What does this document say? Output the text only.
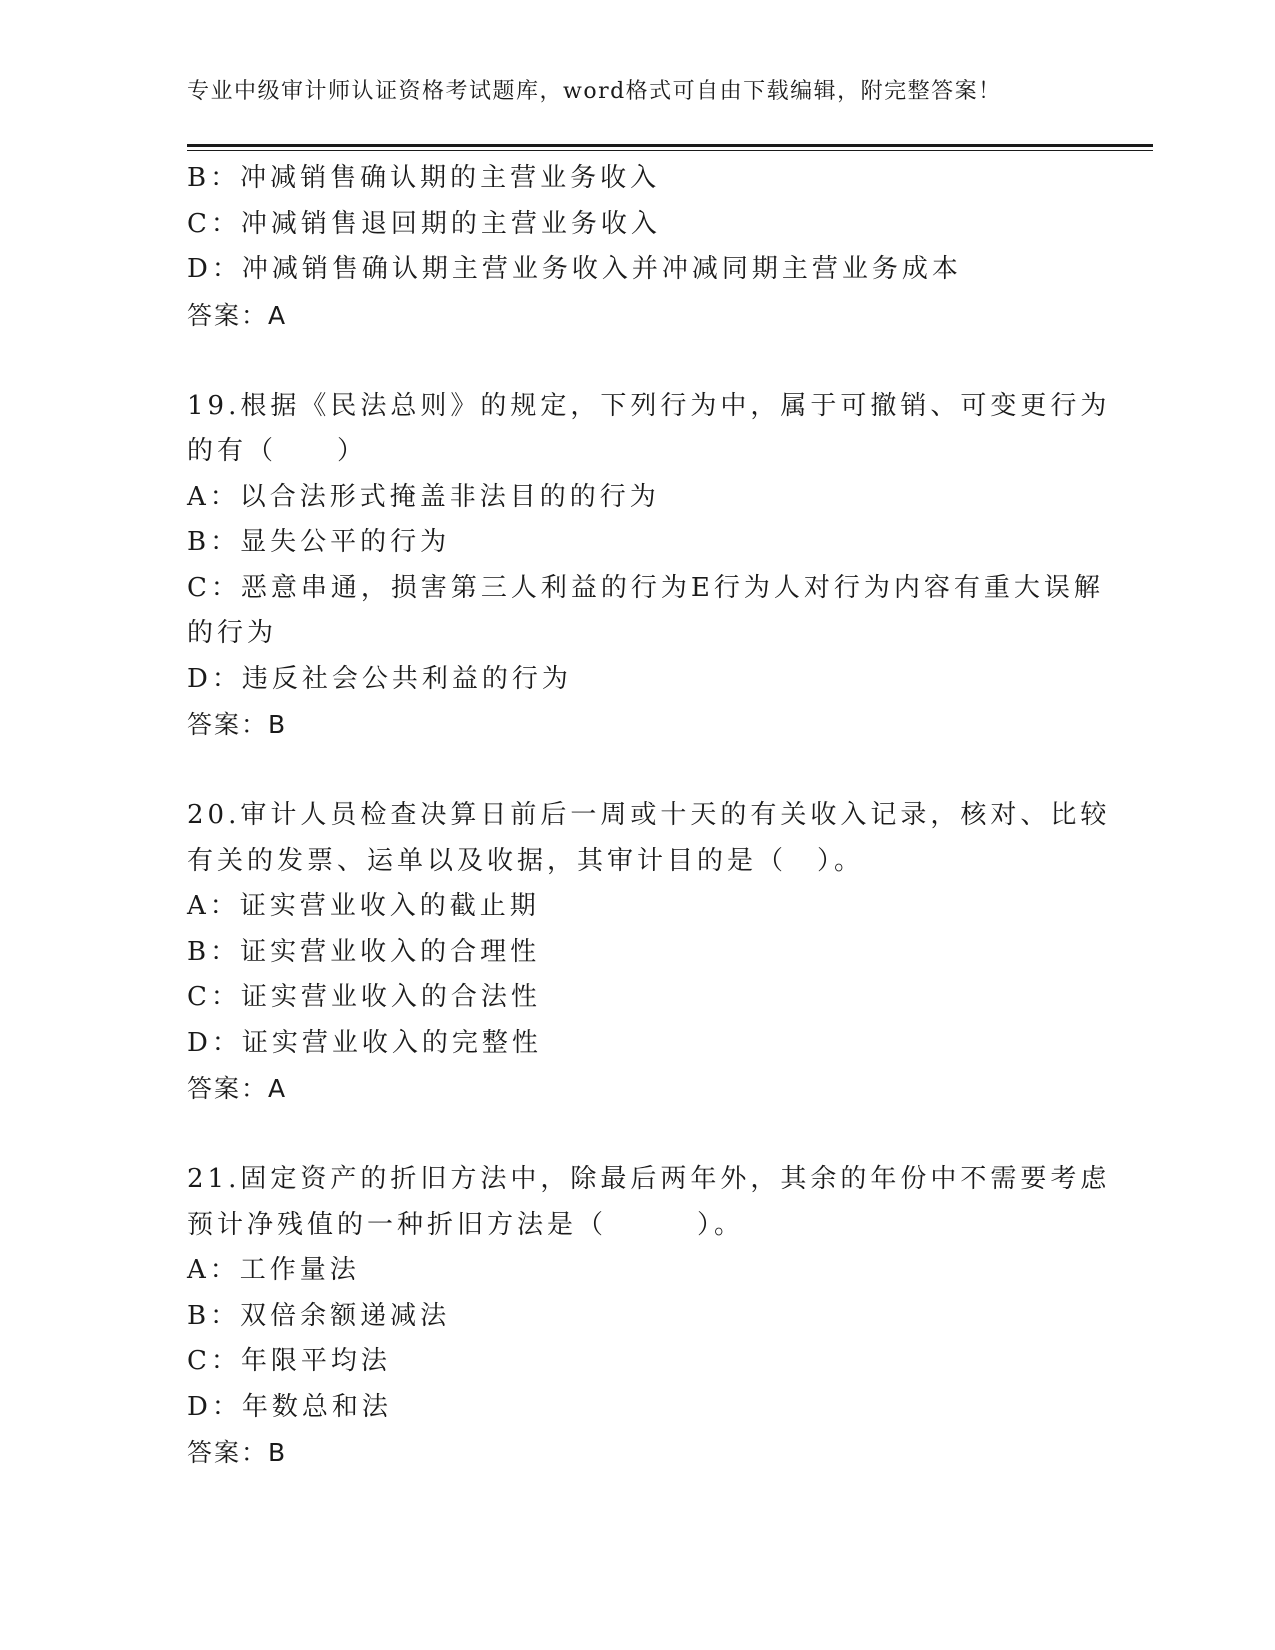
专业中级审计师认证资格考试题库，word格式可自由下载编辑，附完整答案！
B：冲减销售确认期的主营业务收入
C：冲减销售退回期的主营业务收入
D：冲减销售确认期主营业务收入并冲减同期主营业务成本
答案：A
19.根据《民法总则》的规定，下列行为中，属于可撤销、可变更行为
的有（　　）
A：以合法形式掩盖非法目的的行为
B：显失公平的行为
C：恶意串通，损害第三人利益的行为E行为人对行为内容有重大误解
的行为
D：违反社会公共利益的行为
答案：B
20.审计人员检查决算日前后一周或十天的有关收入记录，核对、比较
有关的发票、运单以及收据，其审计目的是（　）。
A：证实营业收入的截止期
B：证实营业收入的合理性
C：证实营业收入的合法性
D：证实营业收入的完整性
答案：A
21.固定资产的折旧方法中，除最后两年外，其余的年份中不需要考虑
预计净残值的一种折旧方法是（　　　）。
A：工作量法
B：双倍余额递减法
C：年限平均法
D：年数总和法
答案：B
